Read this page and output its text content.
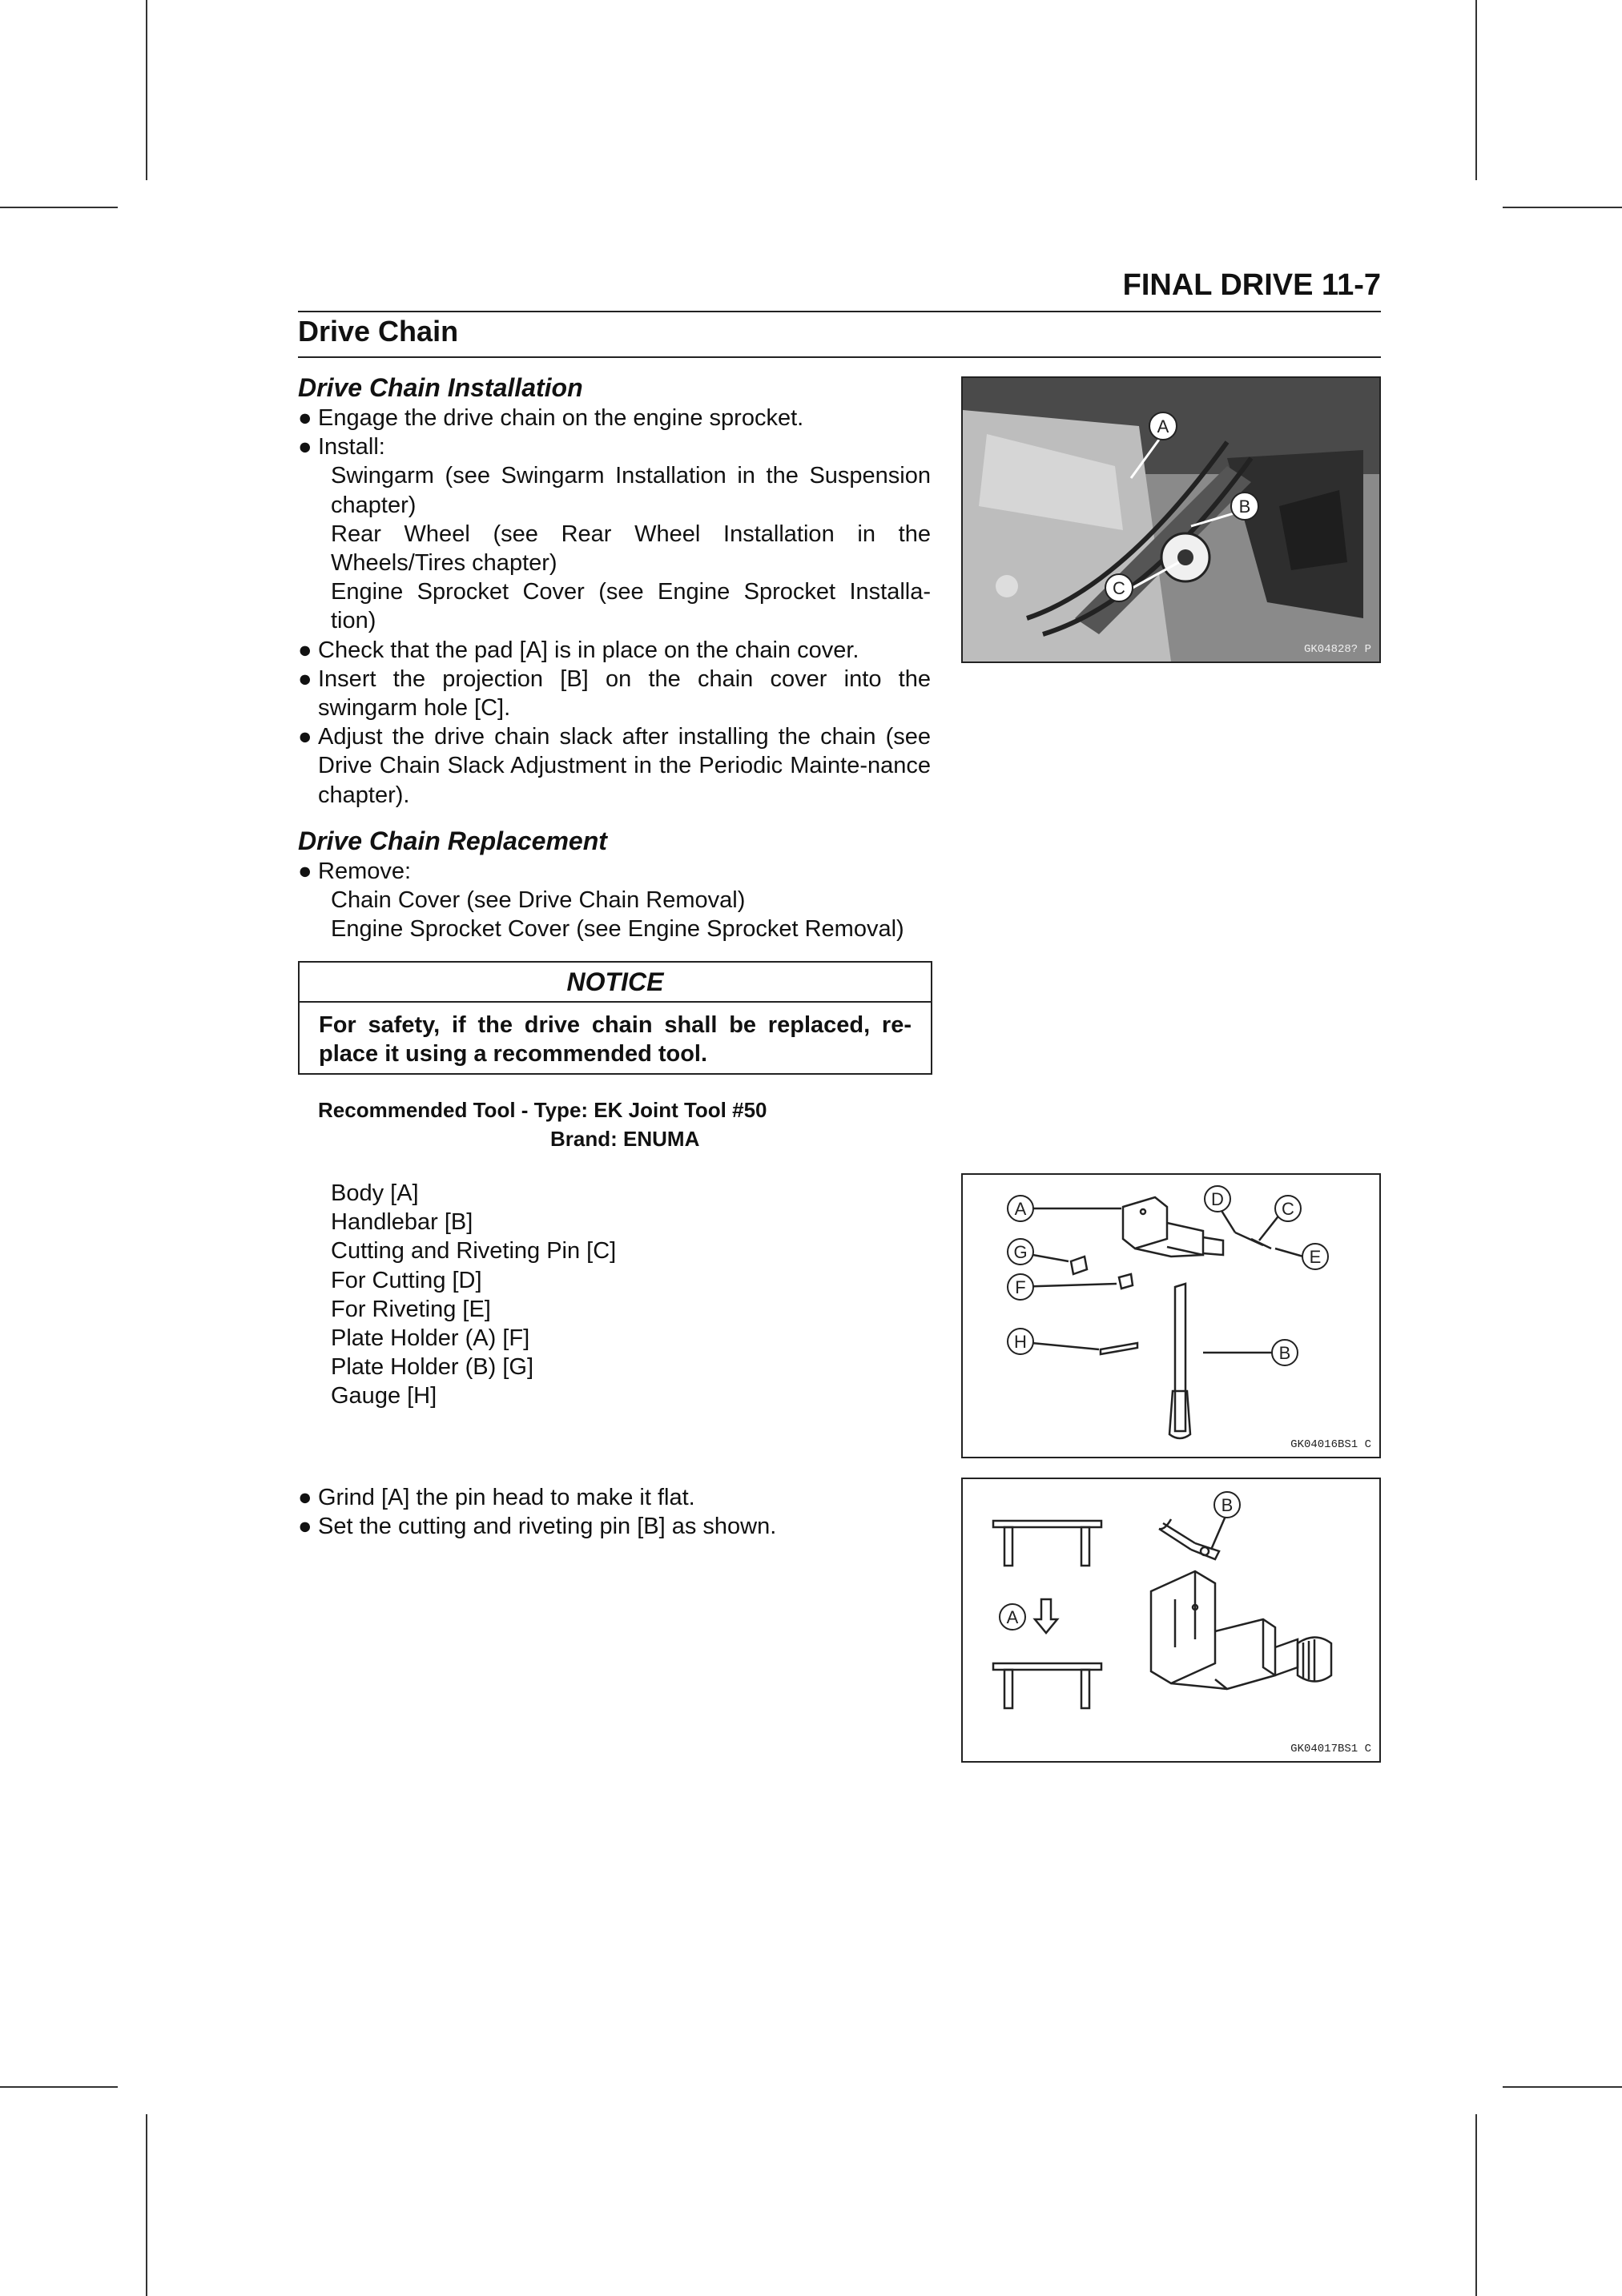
FINAL DRIVE 11-7
Drive Chain
Drive Chain Installation
● Engage the drive chain on the engine sprocket.
● Install:
Swingarm (see Swingarm Installation in the Suspension chapter)
Rear Wheel (see Rear Wheel Installation in the Wheels/Tires chapter)
Engine Sprocket Cover (see Engine Sprocket Installa-tion)
● Check that the pad [A] is in place on the chain cover.
● Insert the projection [B] on the chain cover into the swingarm hole [C].
● Adjust the drive chain slack after installing the chain (see Drive Chain Slack Adjustment in the Periodic Mainte-nance chapter).
Drive Chain Replacement
● Remove:
Chain Cover (see Drive Chain Removal)
Engine Sprocket Cover (see Engine Sprocket Removal)
NOTICE
For safety, if the drive chain shall be replaced, re-place it using a recommended tool.
Recommended Tool - Type: EK Joint Tool #50
Brand: ENUMA
Body [A]
Handlebar [B]
Cutting and Riveting Pin [C]
For Cutting [D]
For Riveting [E]
Plate Holder (A) [F]
Plate Holder (B) [G]
Gauge [H]
● Grind [A] the pin head to make it flat.
● Set the cutting and riveting pin [B] as shown.
A
B
C
GK04828? P
A
B
C
D
E
F
G
H
GK04016BS1 C
A
B
GK04017BS1 C
